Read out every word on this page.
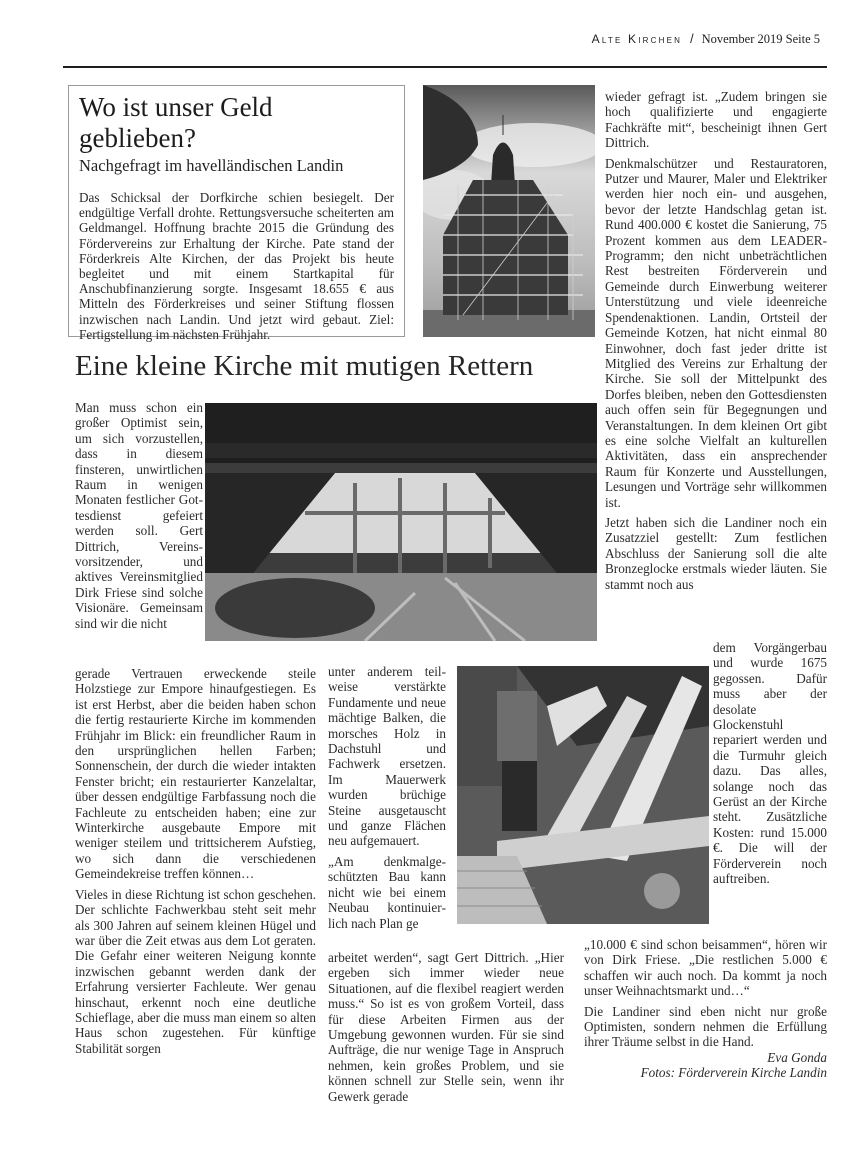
Alte Kirchen / November 2019 Seite 5
Wo ist unser Geld geblieben?
Nachgefragt im havelländischen Landin

Das Schicksal der Dorfkirche schien besiegelt. Der endgültige Verfall drohte. Rettungsversuche scheiterten am Geldmangel. Hoffnung brachte 2015 die Gründung des Fördervereins zur Erhaltung der Kirche. Pate stand der Förderkreis Alte Kirchen, der das Projekt bis heute begleitet und mit einem Startkapital für Anschubfinanzierung sorgte. Insgesamt 18.655 € aus Mitteln des Förderkreises und seiner Stiftung flossen inzwischen nach Landin. Und jetzt wird gebaut. Ziel: Fertigstellung im nächsten Frühjahr.

Eine kleine Kirche mit mutigen Rettern

Man muss schon ein großer Optimist sein, um sich vorzustellen, dass in diesem finsteren, unwirtlichen Raum in wenigen Monaten festlicher Gottesdienst gefeiert werden soll. Gert Dittrich, Vereinsvorsitzender, und aktives Vereinsmitglied Dirk Friese sind solche Visionäre. Gemeinsam sind wir die nicht

gerade Vertrauen erweckende steile Holzstiege zur Empore hinaufgestiegen. Es ist erst Herbst, aber die beiden haben schon die fertig restaurierte Kirche im kommenden Frühjahr im Blick: ein freundlicher Raum in den ursprünglichen hellen Farben; Sonnenschein, der durch die wieder intakten Fenster bricht; ein restaurierter Kanzelaltar, über dessen endgültige Farbfassung noch die Fachleute zu entscheiden haben; eine zur Winterkirche ausgebaute Empore mit weniger steilem und trittsicherem Aufstieg, wo sich dann die verschiedenen Gemeindekreise treffen können…

Vieles in diese Richtung ist schon geschehen. Der schlichte Fachwerkbau steht seit mehr als 300 Jahren auf seinem kleinen Hügel und war über die Zeit etwas aus dem Lot geraten. Die Gefahr einer weiteren Neigung konnte inzwischen gebannt werden dank der Erfahrung versierter Fachleute. Wer genau hinschaut, erkennt noch eine deutliche Schieflage, aber die muss man einem so alten Haus schon zugestehen. Für künftige Stabilität sorgen

unter anderem teilweise verstärkte Fundamente und neue mächtige Balken, die morsches Holz in Dachstuhl und Fachwerk ersetzen. Im Mauerwerk wurden brüchige Steine ausgetauscht und ganze Flächen neu aufgemauert.

„Am denkmalgeschützten Bau kann nicht wie bei einem Neubau kontinuierlich nach Plan ge

arbeitet werden“, sagt Gert Dittrich. „Hier ergeben sich immer wieder neue Situationen, auf die flexibel reagiert werden muss.“ So ist es von großem Vorteil, dass für diese Arbeiten Firmen aus der Umgebung gewonnen wurden. Für sie sind Aufträge, die nur wenige Tage in Anspruch nehmen, kein großes Problem, und sie können schnell zur Stelle sein, wenn ihr Gewerk gerade

wieder gefragt ist. „Zudem bringen sie hoch qualifizierte und engagierte Fachkräfte mit“, bescheinigt ihnen Gert Dittrich.

Denkmalschützer und Restauratoren, Putzer und Maurer, Maler und Elektriker werden hier noch ein- und ausgehen, bevor der letzte Handschlag getan ist. Rund 400.000 € kostet die Sanierung, 75 Prozent kommen aus dem LEADER-Programm; den nicht unbeträchtlichen Rest bestreiten Förderverein und Gemeinde durch Einwerbung weiterer Unterstützung und viele ideenreiche Spendenaktionen. Landin, Ortsteil der Gemeinde Kotzen, hat nicht einmal 80 Einwohner, doch fast jeder dritte ist Mitglied des Vereins zur Erhaltung der Kirche. Sie soll der Mittelpunkt des Dorfes bleiben, neben den Gottesdiensten auch offen sein für Begegnungen und Veranstaltungen. In dem kleinen Ort gibt es eine solche Vielfalt an kulturellen Aktivitäten, dass ein ansprechender Raum für Konzerte und Ausstellungen, Lesungen und Vorträge sehr willkommen ist.

Jetzt haben sich die Landiner noch ein Zusatzziel gestellt: Zum festlichen Abschluss der Sanierung soll die alte Bronzeglocke erstmals wieder läuten. Sie stammt noch aus

dem Vorgängerbau und wurde 1675 gegossen. Dafür muss aber der desolate Glockenstuhl repariert werden und die Turmuhr gleich dazu. Das alles, solange noch das Gerüst an der Kirche steht. Zusätzliche Kosten: rund 15.000 €. Die will der Förderverein noch auftreiben.

„10.000 € sind schon beisammen“, hören wir von Dirk Friese. „Die restlichen 5.000 € schaffen wir auch noch. Da kommt ja noch unser Weihnachtsmarkt und…“

Die Landiner sind eben nicht nur große Optimisten, sondern nehmen die Erfüllung ihrer Träume selbst in die Hand.

Eva Gonda

Fotos: Förderverein Kirche Landin
